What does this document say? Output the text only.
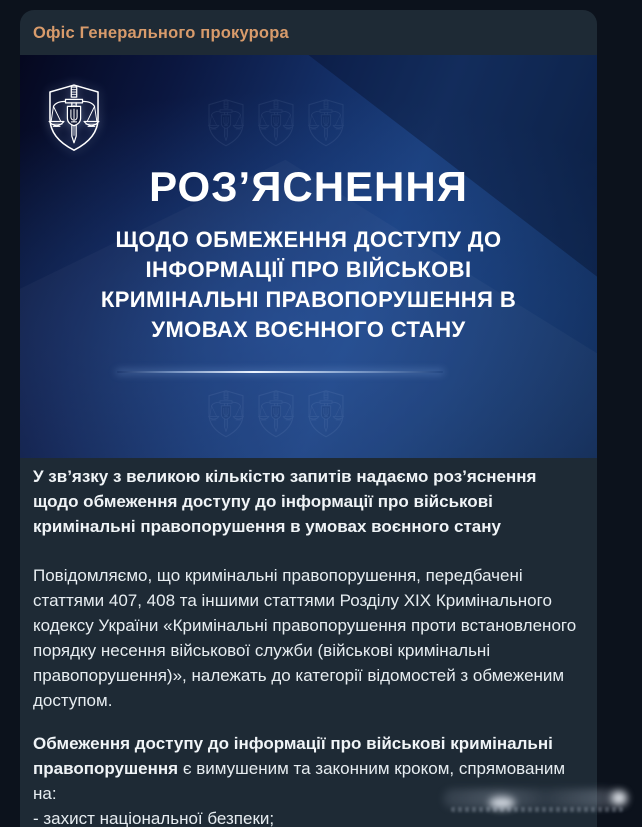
Офіс Генерального прокурора
РОЗ’ЯСНЕННЯ
ЩОДО ОБМЕЖЕННЯ ДОСТУПУ ДО
ІНФОРМАЦІЇ ПРО ВІЙСЬКОВІ
КРИМІНАЛЬНІ ПРАВОПОРУШЕННЯ В
УМОВАХ ВОЄННОГО СТАНУ

У зв’язку з великою кількістю запитів надаємо роз’яснення щодо обмеження доступу до інформації про військові кримінальні правопорушення в умовах воєнного стану

Повідомляємо, що кримінальні правопорушення, передбачені статтями 407, 408 та іншими статтями Розділу ХІХ Кримінального кодексу України «Кримінальні правопорушення проти встановленого порядку несення військової служби (військові кримінальні правопорушення)», належать до категорії відомостей з обмеженим доступом.

Обмеження доступу до інформації про військові кримінальні правопорушення є вимушеним та законним кроком, спрямованим на:
- захист національної безпеки;
